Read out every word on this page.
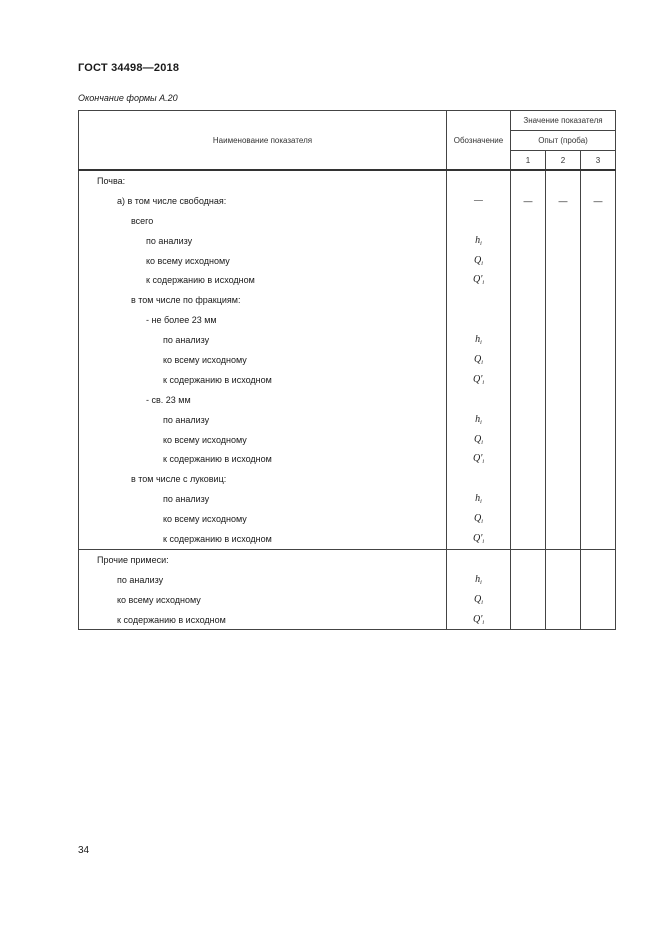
ГОСТ 34498—2018
Окончание формы А.20
Наименование показателя	Обозначение	Значение показателя		
		Опыт (проба)		
		1	2	3
Почва:				
а) в том числе свободная:	—	—	—	—
всего				
по анализу	$h_i$			
ко всему исходному	$Q_i$			
к содержанию в исходном	$Q'_i$			
в том числе по фракциям:				
- не более 23 мм				
по анализу	$h_i$			
ко всему исходному	$Q_i$			
к содержанию в исходном	$Q'_i$			
- св. 23 мм				
по анализу	$h_i$			
ко всему исходному	$Q_i$			
к содержанию в исходном	$Q'_i$			
в том числе с луковиц:				
по анализу	$h_i$			
ко всему исходному	$Q_i$			
к содержанию в исходном	$Q'_i$			
Прочие примеси:				
по анализу	$h_i$			
ко всему исходному	$Q_i$			
к содержанию в исходном	$Q'_i$			
34
